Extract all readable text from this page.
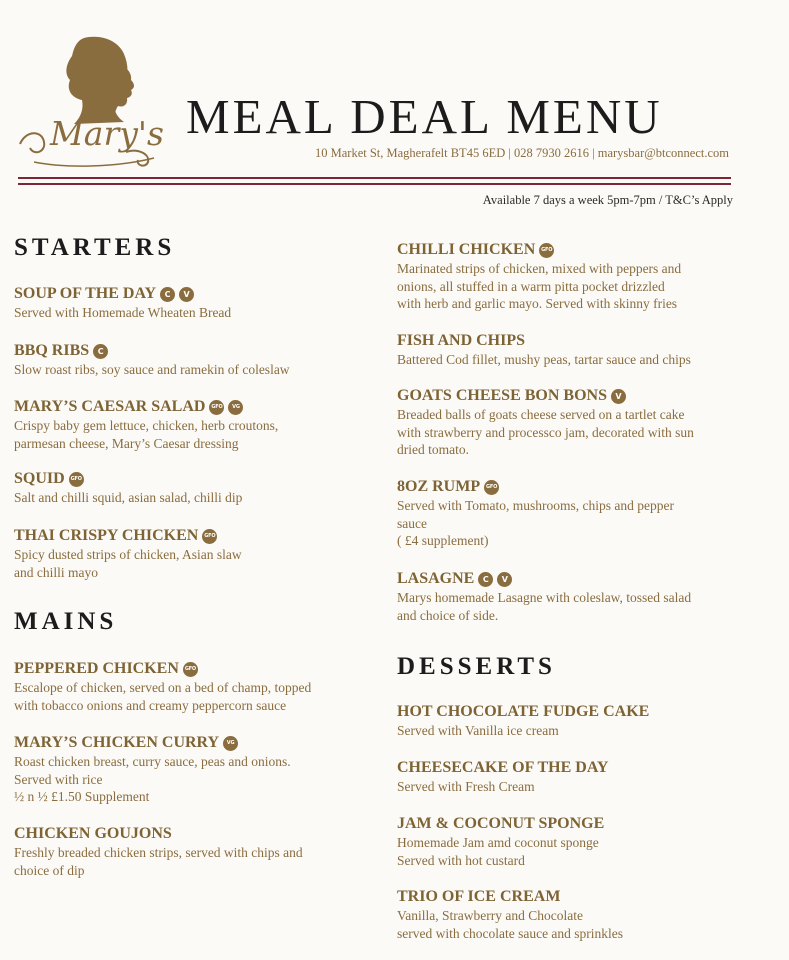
Mary's MEAL DEAL MENU
10 Market St, Magherafelt BT45 6ED | 028 7930 2616 | marysbar@btconnect.com
Available 7 days a week 5pm-7pm / T&C’s Apply
STARTERS
MAINS
DESSERTS
SOUP OF THE DAY	C	V
Served with Homemade Wheaten Bread
BBQ RIBS	C
Slow roast ribs, soy sauce and ramekin of coleslaw
MARY’S CAESAR SALAD	GFO	VG
Crispy baby gem lettuce, chicken, herb croutons,
parmesan cheese, Mary’s Caesar dressing
SQUID	GFO
Salt and chilli squid, asian salad, chilli dip
THAI CRISPY CHICKEN	GFO
Spicy dusted strips of chicken, Asian slaw
and chilli mayo
PEPPERED CHICKEN	GFO
Escalope of chicken, served on a bed of champ, topped
with tobacco onions and creamy peppercorn sauce
MARY’S CHICKEN CURRY	VG
Roast chicken breast, curry sauce, peas and onions.
Served with rice
½ n ½ £1.50 Supplement
CHICKEN GOUJONS
Freshly breaded chicken strips, served with chips and
choice of dip
CHILLI CHICKEN	GFO
Marinated strips of chicken, mixed with peppers and
onions, all stuffed in a warm pitta pocket drizzled
with herb and garlic mayo. Served with skinny fries
FISH AND CHIPS
Battered Cod fillet, mushy peas, tartar sauce and chips
GOATS CHEESE BON BONS	V
Breaded balls of goats cheese served on a tartlet cake
with strawberry and processco jam, decorated with sun
dried tomato.
8OZ RUMP	GFO
Served with Tomato, mushrooms, chips and pepper
sauce
( £4 supplement)
LASAGNE	C	V
Marys homemade Lasagne with coleslaw, tossed salad
and choice of side.
HOT CHOCOLATE FUDGE CAKE
Served with Vanilla ice cream
CHEESECAKE OF THE DAY
Served with Fresh Cream
JAM & COCONUT SPONGE
Homemade Jam amd coconut sponge
Served with hot custard
TRIO OF ICE CREAM
Vanilla, Strawberry and Chocolate
served with chocolate sauce and sprinkles
